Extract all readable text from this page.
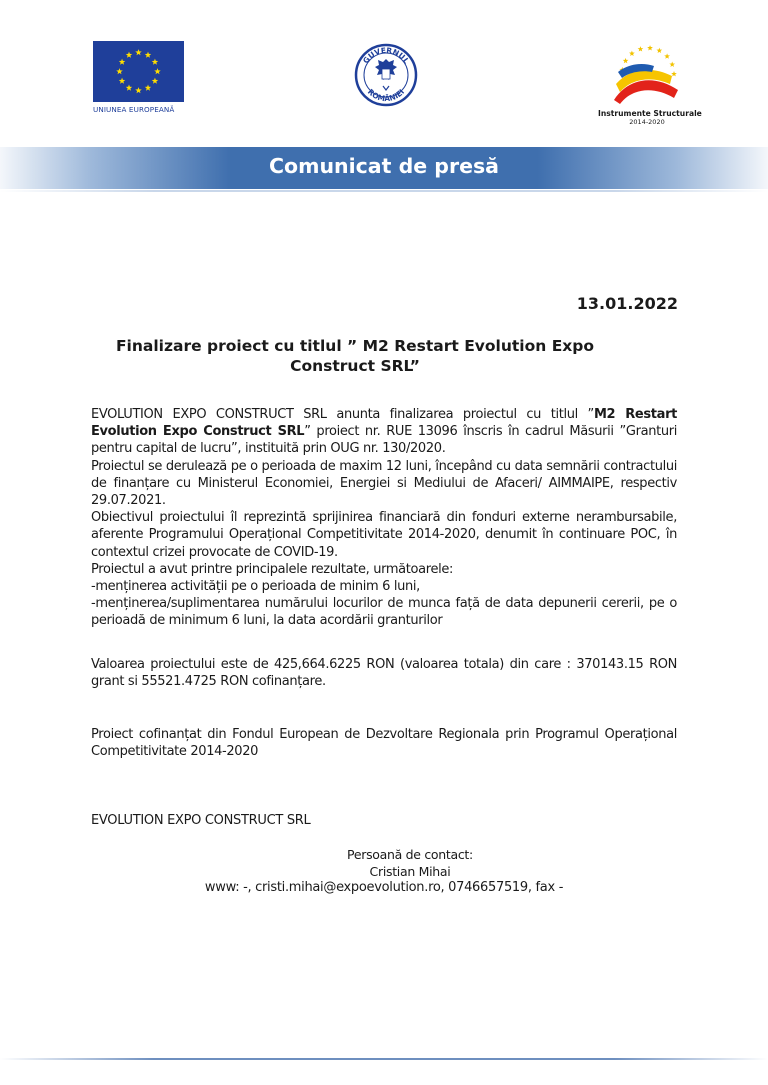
UNIUNEA EUROPEANĂ
GUVERNUL
ROMÂNIEI
Instrumente Structurale
2014-2020
Comunicat de presă
13.01.2022
Finalizare proiect cu titlul ” M2 Restart Evolution Expo
Construct SRL”

EVOLUTION EXPO CONSTRUCT SRL anunta finalizarea proiectul cu titlul ”M2 Restart Evolution Expo Construct SRL” proiect nr. RUE 13096 înscris în cadrul Măsurii ”Granturi pentru capital de lucru”, instituită prin OUG nr. 130/2020.

Proiectul se derulează pe o perioada de maxim 12 luni, începând cu data semnării contractului de finanțare cu Ministerul Economiei, Energiei si Mediului de Afaceri/ AIMMAIPE, respectiv 29.07.2021.

Obiectivul proiectului îl reprezintă sprijinirea financiară din fonduri externe nerambursabile, aferente Programului Operațional Competitivitate 2014-2020, denumit în continuare POC, în contextul crizei provocate de COVID-19.

Proiectul a avut printre principalele rezultate, următoarele:

-menținerea activității pe o perioada de minim 6 luni,

-menținerea/suplimentarea numărului locurilor de munca față de data depunerii cererii, pe o perioadă de minimum 6 luni, la data acordării granturilor

Valoarea proiectului este de 425,664.6225 RON (valoarea totala) din care : 370143.15 RON grant si 55521.4725 RON cofinanțare.
Proiect cofinanțat din Fondul European de Dezvoltare Regionala prin Programul Operațional Competitivitate 2014-2020
EVOLUTION EXPO CONSTRUCT SRL
Persoană de contact:
Cristian Mihai
www: -, cristi.mihai@expoevolution.ro, 0746657519, fax -
